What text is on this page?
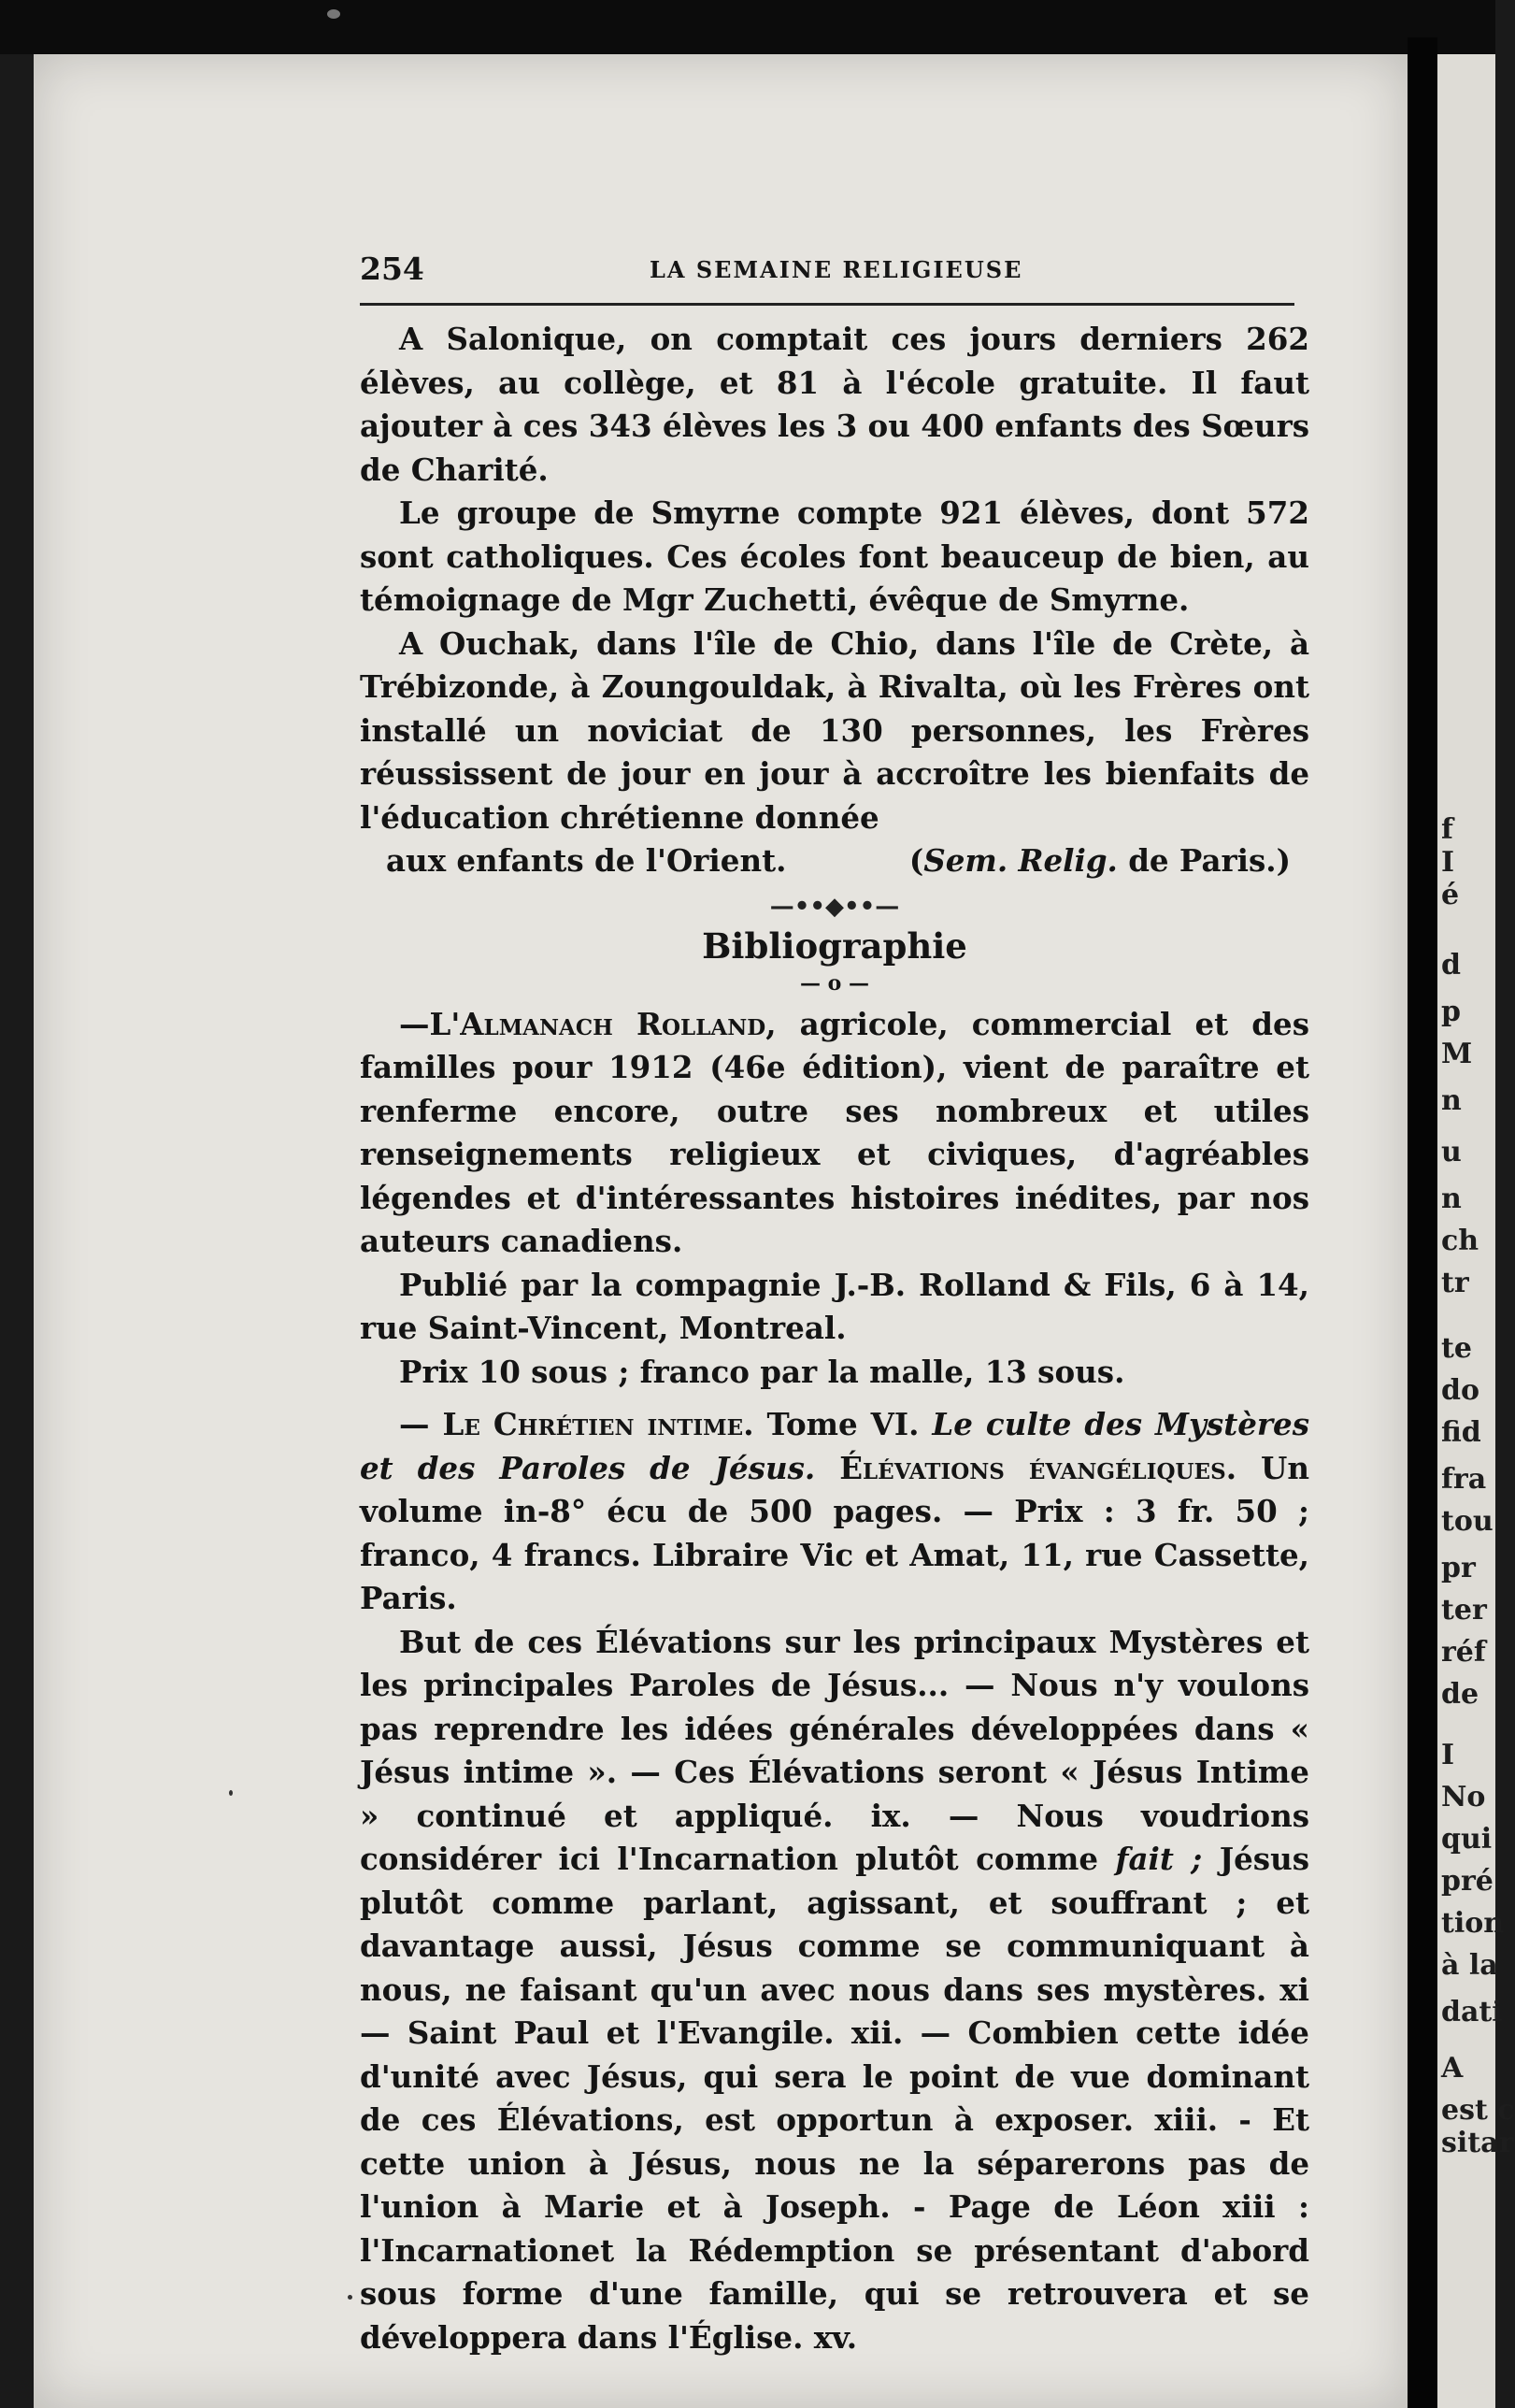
f
I
é
d
p
M
n
u
n
ch
tr
te
do
fid
fra
tou
pr
ter
réf
de
I
No
qui
pré
tion
à la
dati
A
est c
sitar
254	LA SEMAINE RELIGIEUSE

A Salonique, on comptait ces jours derniers 262 élèves, au collège, et 81 à l'école gratuite. Il faut ajouter à ces 343 élèves les 3 ou 400 enfants des Sœurs de Charité.

Le groupe de Smyrne compte 921 élèves, dont 572 sont catholiques. Ces écoles font beauceup de bien, au témoignage de Mgr Zuchetti, évêque de Smyrne.

A Ouchak, dans l'île de Chio, dans l'île de Crète, à Trébizonde, à Zoungouldak, à Rivalta, où les Frères ont installé un noviciat de 130 personnes, les Frères réussissent de jour en jour à accroître les bienfaits de l'éducation chrétienne donnée

aux enfants de l'Orient.	(Sem. Relig. de Paris.)
—••◆••—
Bibliographie
— o —

—L'Almanach Rolland, agricole, commercial et des familles pour 1912 (46e édition), vient de paraître et renferme encore, outre ses nombreux et utiles renseignements religieux et civiques, d'agréables légendes et d'intéressantes histoires inédites, par nos auteurs canadiens.

Publié par la compagnie J.-B. Rolland & Fils, 6 à 14, rue Saint-Vincent, Montreal.

Prix 10 sous ; franco par la malle, 13 sous.

— Le Chrétien intime. Tome VI. Le culte des Mystères et des Paroles de Jésus. Élévations évangéliques. Un volume in-8° écu de 500 pages. — Prix : 3 fr. 50 ; franco, 4 francs. Libraire Vic et Amat, 11, rue Cassette, Paris.

But de ces Élévations sur les principaux Mystères et les principales Paroles de Jésus... — Nous n'y voulons pas reprendre les idées générales développées dans « Jésus intime ». — Ces Élévations seront « Jésus Intime » continué et appliqué. ix. — Nous voudrions considérer ici l'Incarnation plutôt comme fait ; Jésus plutôt comme parlant, agissant, et souffrant ; et davantage aussi, Jésus comme se communiquant à nous, ne faisant qu'un avec nous dans ses mystères. xi — Saint Paul et l'Evangile. xii. — Combien cette idée d'unité avec Jésus, qui sera le point de vue dominant de ces Élévations, est opportun à exposer. xiii. - Et cette union à Jésus, nous ne la séparerons pas de l'union à Marie et à Joseph. - Page de Léon xiii : l'Incarnationet la Rédemption se présentant d'abord sous forme d'une famille, qui se retrouvera et se développera dans l'Église. xv.
